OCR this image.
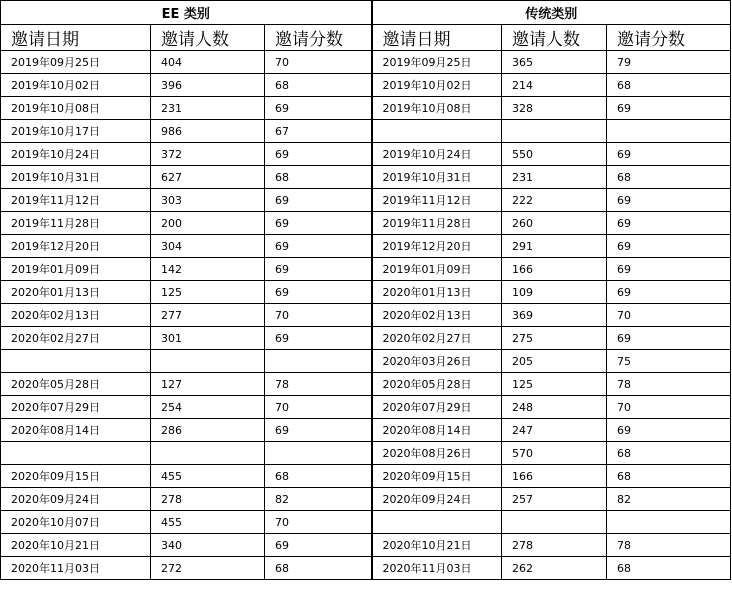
EE 类别			传统类别		
邀请日期	邀请人数	邀请分数	邀请日期	邀请人数	邀请分数
2019年09月25日	404	70	2019年09月25日	365	79
2019年10月02日	396	68	2019年10月02日	214	68
2019年10月08日	231	69	2019年10月08日	328	69
2019年10月17日	986	67			
2019年10月24日	372	69	2019年10月24日	550	69
2019年10月31日	627	68	2019年10月31日	231	68
2019年11月12日	303	69	2019年11月12日	222	69
2019年11月28日	200	69	2019年11月28日	260	69
2019年12月20日	304	69	2019年12月20日	291	69
2019年01月09日	142	69	2019年01月09日	166	69
2020年01月13日	125	69	2020年01月13日	109	69
2020年02月13日	277	70	2020年02月13日	369	70
2020年02月27日	301	69	2020年02月27日	275	69
			2020年03月26日	205	75
2020年05月28日	127	78	2020年05月28日	125	78
2020年07月29日	254	70	2020年07月29日	248	70
2020年08月14日	286	69	2020年08月14日	247	69
			2020年08月26日	570	68
2020年09月15日	455	68	2020年09月15日	166	68
2020年09月24日	278	82	2020年09月24日	257	82
2020年10月07日	455	70			
2020年10月21日	340	69	2020年10月21日	278	78
2020年11月03日	272	68	2020年11月03日	262	68
